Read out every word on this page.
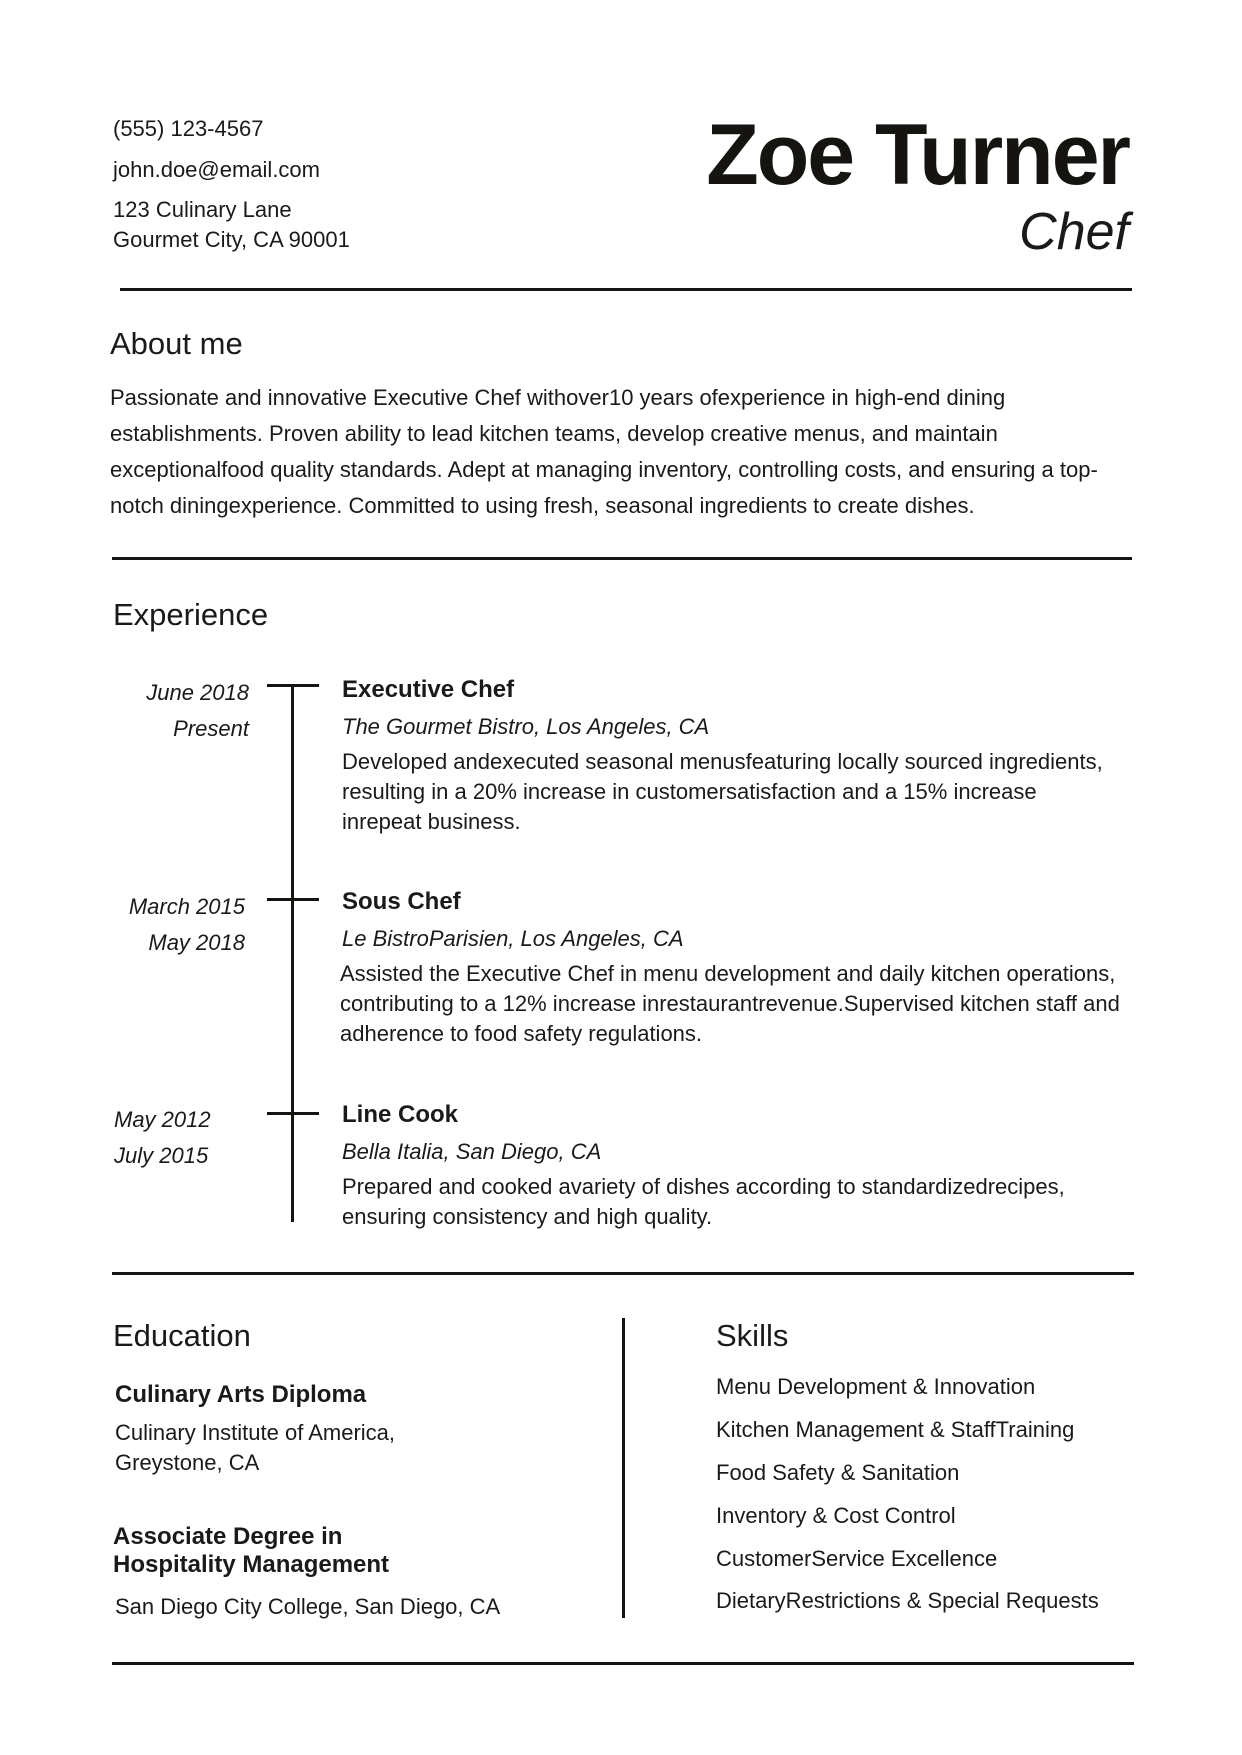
(555) 123-4567
john.doe@email.com
123 Culinary Lane
Gourmet City, CA 90001
Zoe Turner
Chef
About me
Passionate and innovative Executive Chef withover10 years ofexperience in high-end dining establishments. Proven ability to lead kitchen teams, develop creative menus, and maintain exceptionalfood quality standards. Adept at managing inventory, controlling costs, and ensuring a top-notch diningexperience. Committed to using fresh, seasonal ingredients to create dishes.
Experience
June 2018
Present
Executive Chef
The Gourmet Bistro, Los Angeles, CA
Developed andexecuted seasonal menusfeaturing locally sourced ingredients, resulting in a 20% increase in customersatisfaction and a 15% increase inrepeat business.
March 2015
May 2018
Sous Chef
Le BistroParisien, Los Angeles, CA
Assisted the Executive Chef in menu development and daily kitchen operations, contributing to a 12% increase inrestaurantrevenue.Supervised kitchen staff and adherence to food safety regulations.
May 2012
July 2015
Line Cook
Bella Italia, San Diego, CA
Prepared and cooked avariety of dishes according to standardizedrecipes, ensuring consistency and high quality.
Education
Culinary Arts Diploma
Culinary Institute of America,
Greystone, CA
Associate Degree in
Hospitality Management
San Diego City College, San Diego, CA
Skills
Menu Development & Innovation
Kitchen Management & StaffTraining
Food Safety & Sanitation
Inventory & Cost Control
CustomerService Excellence
DietaryRestrictions & Special Requests
